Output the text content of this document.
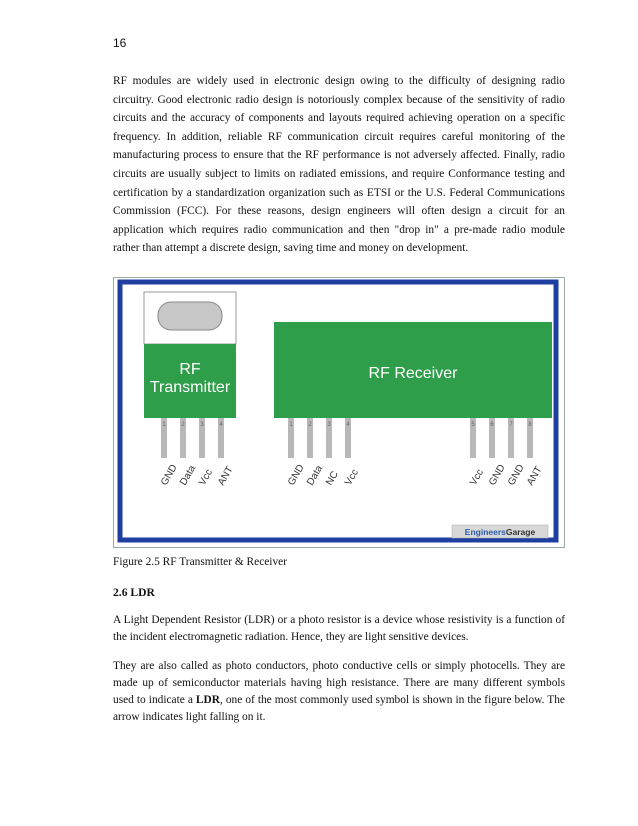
16

RF modules are widely used in electronic design owing to the difficulty of designing radio circuitry. Good electronic radio design is notoriously complex because of the sensitivity of radio circuits and the accuracy of components and layouts required achieving operation on a specific frequency. In addition, reliable RF communication circuit requires careful monitoring of the manufacturing process to ensure that the RF performance is not adversely affected. Finally, radio circuits are usually subject to limits on radiated emissions, and require Conformance testing and certification by a standardization organization such as ETSI or the U.S. Federal Communications Commission (FCC). For these reasons, design engineers will often design a circuit for an application which requires radio communication and then "drop in" a pre-made radio module rather than attempt a discrete design, saving time and money on development.

RF
Transmitter
RF Receiver
1	2	3	4
GND
Data
Vcc ANT
1	2	3	4
GND
Data
NC Vcc
5	6	7	8
Vcc GND
GND
ANT
EngineersGarage
Figure 2.5 RF Transmitter & Receiver
2.6 LDR

A Light Dependent Resistor (LDR) or a photo resistor is a device whose resistivity is a function of the incident electromagnetic radiation. Hence, they are light sensitive devices.

They are also called as photo conductors, photo conductive cells or simply photocells. They are made up of semiconductor materials having high resistance. There are many different symbols used to indicate a LDR, one of the most commonly used symbol is shown in the figure below. The arrow indicates light falling on it.
